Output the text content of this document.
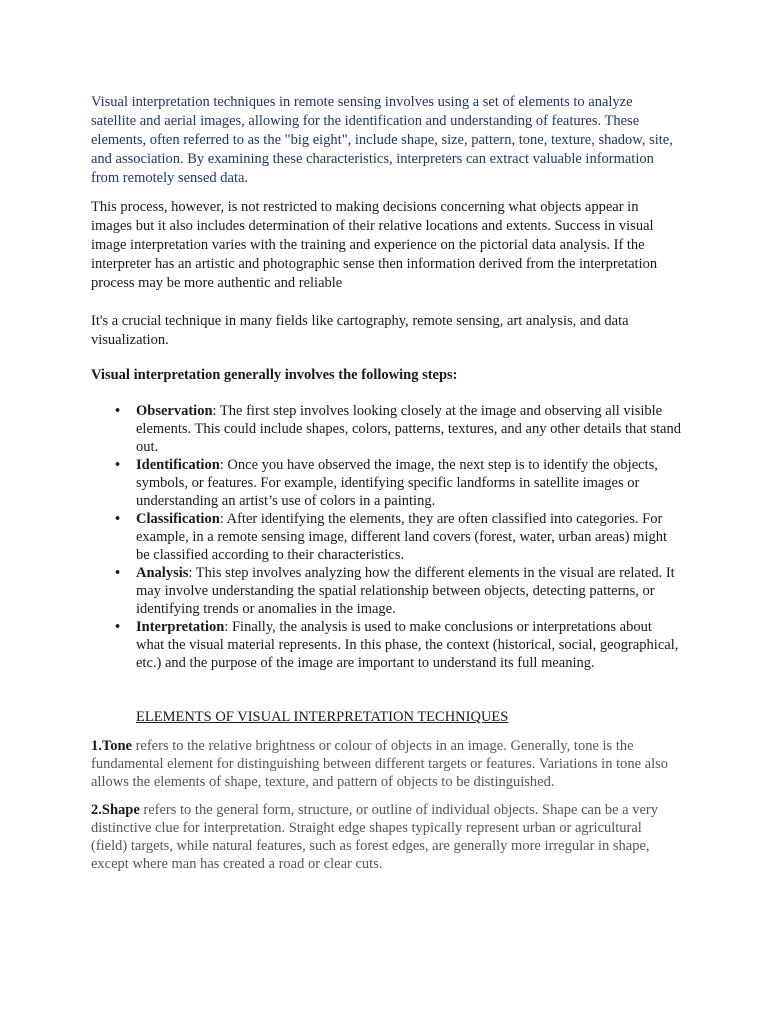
Visual interpretation techniques in remote sensing involves using a set of elements to analyze satellite and aerial images, allowing for the identification and understanding of features. These elements, often referred to as the "big eight", include shape, size, pattern, tone, texture, shadow, site, and association. By examining these characteristics, interpreters can extract valuable information from remotely sensed data.

This process, however, is not restricted to making decisions concerning what objects appear in images but it also includes determination of their relative locations and extents. Success in visual image interpretation varies with the training and experience on the pictorial data analysis. If the interpreter has an artistic and photographic sense then information derived from the interpretation process may be more authentic and reliable

It's a crucial technique in many fields like cartography, remote sensing, art analysis, and data visualization.

Visual interpretation generally involves the following steps:

• Observation: The first step involves looking closely at the image and observing all visible elements. This could include shapes, colors, patterns, textures, and any other details that stand out.
• Identification: Once you have observed the image, the next step is to identify the objects, symbols, or features. For example, identifying specific landforms in satellite images or understanding an artist’s use of colors in a painting.
• Classification: After identifying the elements, they are often classified into categories. For example, in a remote sensing image, different land covers (forest, water, urban areas) might be classified according to their characteristics.
• Analysis: This step involves analyzing how the different elements in the visual are related. It may involve understanding the spatial relationship between objects, detecting patterns, or identifying trends or anomalies in the image.
• Interpretation: Finally, the analysis is used to make conclusions or interpretations about what the visual material represents. In this phase, the context (historical, social, geographical, etc.) and the purpose of the image are important to understand its full meaning.

ELEMENTS OF VISUAL INTERPRETATION TECHNIQUES

1.Tone refers to the relative brightness or colour of objects in an image. Generally, tone is the fundamental element for distinguishing between different targets or features. Variations in tone also allows the elements of shape, texture, and pattern of objects to be distinguished.

2.Shape refers to the general form, structure, or outline of individual objects. Shape can be a very distinctive clue for interpretation. Straight edge shapes typically represent urban or agricultural (field) targets, while natural features, such as forest edges, are generally more irregular in shape, except where man has created a road or clear cuts.
